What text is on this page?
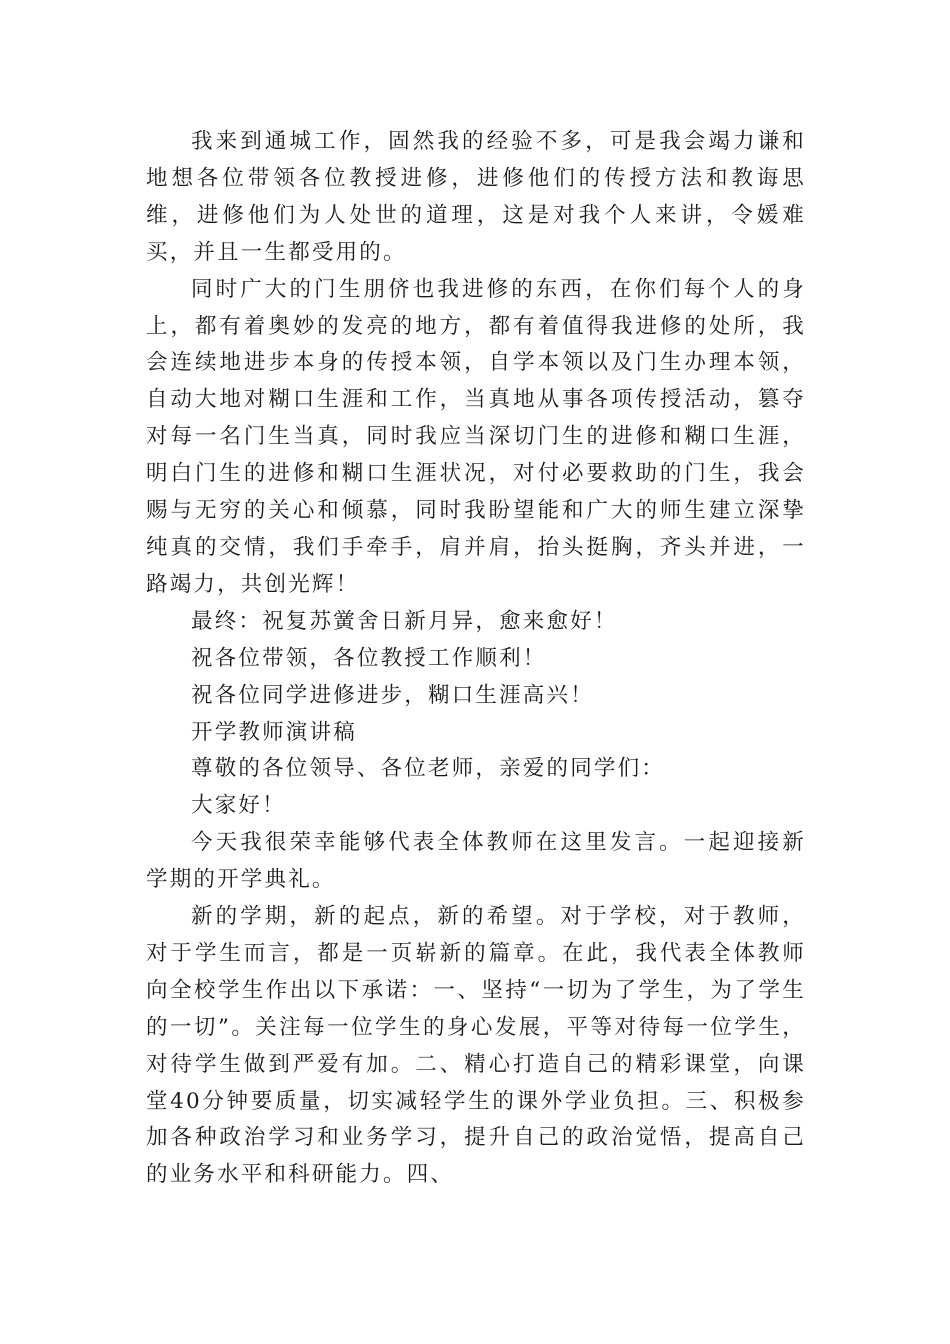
我来到通城工作，固然我的经验不多，可是我会竭力谦和地想各位带领各位教授进修，进修他们的传授方法和教诲思维，进修他们为人处世的道理，这是对我个人来讲，令媛难买，并且一生都受用的。

同时广大的门生朋侪也我进修的东西，在你们每个人的身上，都有着奥妙的发亮的地方，都有着值得我进修的处所，我会连续地进步本身的传授本领，自学本领以及门生办理本领，自动大地对糊口生涯和工作，当真地从事各项传授活动，篡夺对每一名门生当真，同时我应当深切门生的进修和糊口生涯，明白门生的进修和糊口生涯状况，对付必要救助的门生，我会赐与无穷的关心和倾慕，同时我盼望能和广大的师生建立深挚纯真的交情，我们手牵手，肩并肩，抬头挺胸，齐头并进，一路竭力，共创光辉！

最终：祝复苏黉舍日新月异，愈来愈好！

祝各位带领，各位教授工作顺利！

祝各位同学进修进步，糊口生涯高兴！

开学教师演讲稿

尊敬的各位领导、各位老师，亲爱的同学们：

大家好！

今天我很荣幸能够代表全体教师在这里发言。一起迎接新学期的开学典礼。

新的学期，新的起点，新的希望。对于学校，对于教师，对于学生而言，都是一页崭新的篇章。在此，我代表全体教师向全校学生作出以下承诺：一、坚持“一切为了学生，为了学生的一切”。关注每一位学生的身心发展，平等对待每一位学生，对待学生做到严爱有加。二、精心打造自己的精彩课堂，向课堂40分钟要质量，切实减轻学生的课外学业负担。三、积极参加各种政治学习和业务学习，提升自己的政治觉悟，提高自己的业务水平和科研能力。四、
